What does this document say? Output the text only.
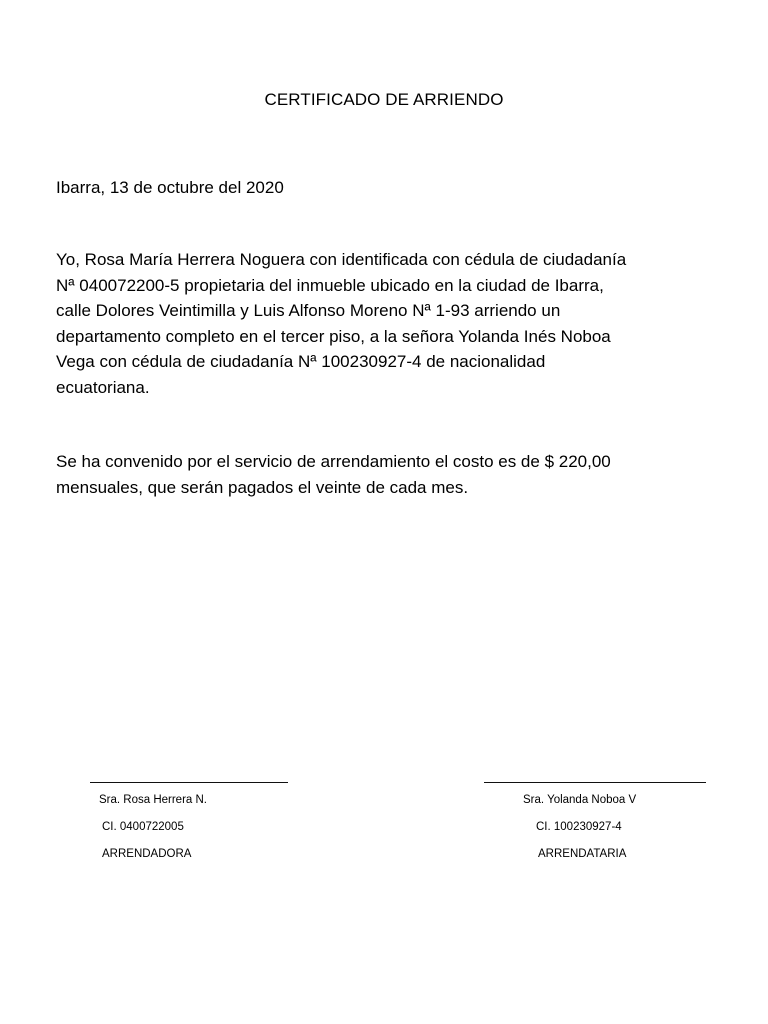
CERTIFICADO DE ARRIENDO
Ibarra, 13 de octubre del 2020

Yo, Rosa María Herrera Noguera con identificada con cédula de ciudadanía
Nª 040072200-5 propietaria del inmueble ubicado en la ciudad de Ibarra,
calle Dolores Veintimilla y Luis Alfonso Moreno Nª 1-93 arriendo un
departamento completo en el tercer piso, a la señora Yolanda Inés Noboa
Vega con cédula de ciudadanía Nª 100230927-4 de nacionalidad
ecuatoriana.

Se ha convenido por el servicio de arrendamiento el costo es de $ 220,00
mensuales, que serán pagados el veinte de cada mes.

Sra. Rosa Herrera N.
CI. 0400722005
ARRENDADORA
Sra. Yolanda Noboa V
CI. 100230927-4
ARRENDATARIA
